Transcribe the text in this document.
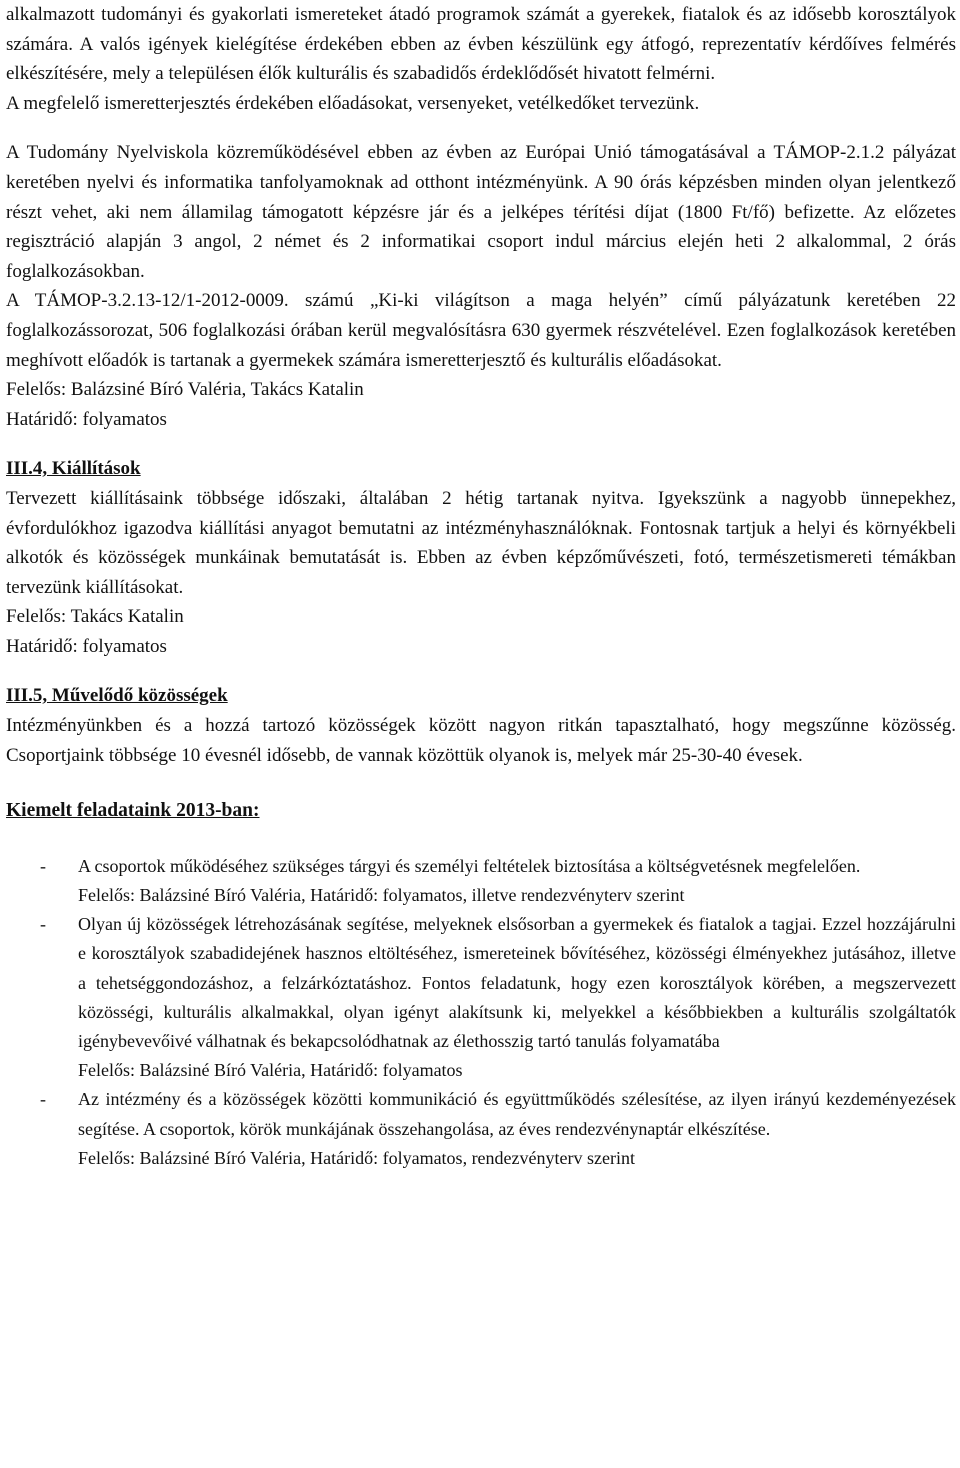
alkalmazott tudományi és gyakorlati ismereteket átadó programok számát a gyerekek, fiatalok és az idősebb korosztályok számára. A valós igények kielégítése érdekében ebben az évben készülünk egy átfogó, reprezentatív kérdőíves felmérés elkészítésére, mely a településen élők kulturális és szabadidős érdeklődősét hivatott felmérni.

A megfelelő ismeretterjesztés érdekében előadásokat, versenyeket, vetélkedőket tervezünk.

A Tudomány Nyelviskola közreműködésével ebben az évben az Európai Unió támogatásával a TÁMOP-2.1.2 pályázat keretében nyelvi és informatika tanfolyamoknak ad otthont intézményünk. A 90 órás képzésben minden olyan jelentkező részt vehet, aki nem államilag támogatott képzésre jár és a jelképes térítési díjat (1800 Ft/fő) befizette. Az előzetes regisztráció alapján 3 angol, 2 német és 2 informatikai csoport indul március elején heti 2 alkalommal, 2 órás foglalkozásokban.

A TÁMOP-3.2.13-12/1-2012-0009. számú „Ki-ki világítson a maga helyén” című pályázatunk keretében 22 foglalkozássorozat, 506 foglalkozási órában kerül megvalósításra 630 gyermek részvételével. Ezen foglalkozások keretében meghívott előadók is tartanak a gyermekek számára ismeretterjesztő és kulturális előadásokat.

Felelős: Balázsiné Bíró Valéria, Takács Katalin

Határidő: folyamatos

III.4, Kiállítások

Tervezett kiállításaink többsége időszaki, általában 2 hétig tartanak nyitva. Igyekszünk a nagyobb ünnepekhez, évfordulókhoz igazodva kiállítási anyagot bemutatni az intézményhasználóknak. Fontosnak tartjuk a helyi és környékbeli alkotók és közösségek munkáinak bemutatását is. Ebben az évben képzőművészeti, fotó, természetismereti témákban tervezünk kiállításokat.

Felelős: Takács Katalin

Határidő: folyamatos

III.5, Művelődő közösségek

Intézményünkben és a hozzá tartozó közösségek között nagyon ritkán tapasztalható, hogy megszűnne közösség. Csoportjaink többsége 10 évesnél idősebb, de vannak közöttük olyanok is, melyek már 25-30-40 évesek.

Kiemelt feladataink 2013-ban:

- A csoportok működéséhez szükséges tárgyi és személyi feltételek biztosítása a költségvetésnek megfelelően.
Felelős: Balázsiné Bíró Valéria, Határidő: folyamatos, illetve rendezvényterv szerint
- Olyan új közösségek létrehozásának segítése, melyeknek elsősorban a gyermekek és fiatalok a tagjai. Ezzel hozzájárulni e korosztályok szabadidejének hasznos eltöltéséhez, ismereteinek bővítéséhez, közösségi élményekhez jutásához, illetve a tehetséggondozáshoz, a felzárkóztatáshoz. Fontos feladatunk, hogy ezen korosztályok körében, a megszervezett közösségi, kulturális alkalmakkal, olyan igényt alakítsunk ki, melyekkel a későbbiekben a kulturális szolgáltatók igénybevevőivé válhatnak és bekapcsolódhatnak az élethosszig tartó tanulás folyamatába
Felelős: Balázsiné Bíró Valéria, Határidő: folyamatos
- Az intézmény és a közösségek közötti kommunikáció és együttműködés szélesítése, az ilyen irányú kezdeményezések segítése. A csoportok, körök munkájának összehangolása, az éves rendezvénynaptár elkészítése.
Felelős: Balázsiné Bíró Valéria, Határidő: folyamatos, rendezvényterv szerint
